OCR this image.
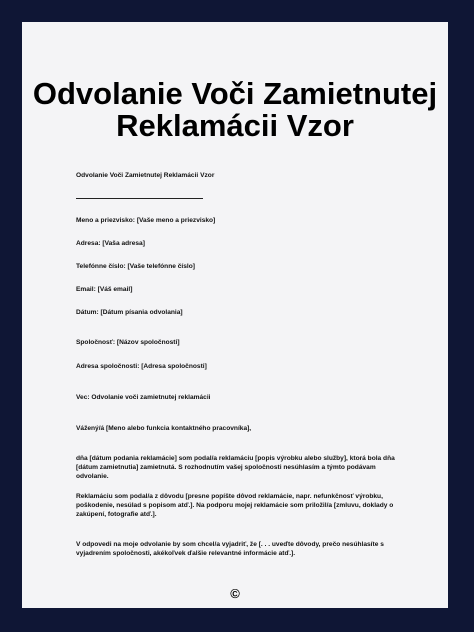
Odvolanie Voči Zamietnutej Reklamácii Vzor
Odvolanie Voči Zamietnutej Reklamácii Vzor
Meno a priezvisko: [Vaše meno a priezvisko]
Adresa: [Vaša adresa]
Telefónne číslo: [Vaše telefónne číslo]
Email: [Váš email]
Dátum: [Dátum písania odvolania]
Spoločnosť: [Názov spoločnosti]
Adresa spoločnosti: [Adresa spoločnosti]
Vec: Odvolanie voči zamietnutej reklamácii
Vážený/á [Meno alebo funkcia kontaktného pracovníka],
dňa [dátum podania reklamácie] som podal/a reklamáciu [popis výrobku alebo služby], ktorá bola dňa [dátum zamietnutia] zamietnutá. S rozhodnutím vašej spoločnosti nesúhlasím a týmto podávam odvolanie.
Reklamáciu som podal/a z dôvodu [presne popíšte dôvod reklamácie, napr. nefunkčnosť výrobku, poškodenie, nesúlad s popisom atď.]. Na podporu mojej reklamácie som priložil/a [zmluvu, doklady o zakúpení, fotografie atď.].
V odpovedi na moje odvolanie by som chcel/a vyjadriť, že [. . . uveďte dôvody, prečo nesúhlasíte s vyjadrením spoločnosti, akékoľvek ďalšie relevantné informácie atď.].
©
